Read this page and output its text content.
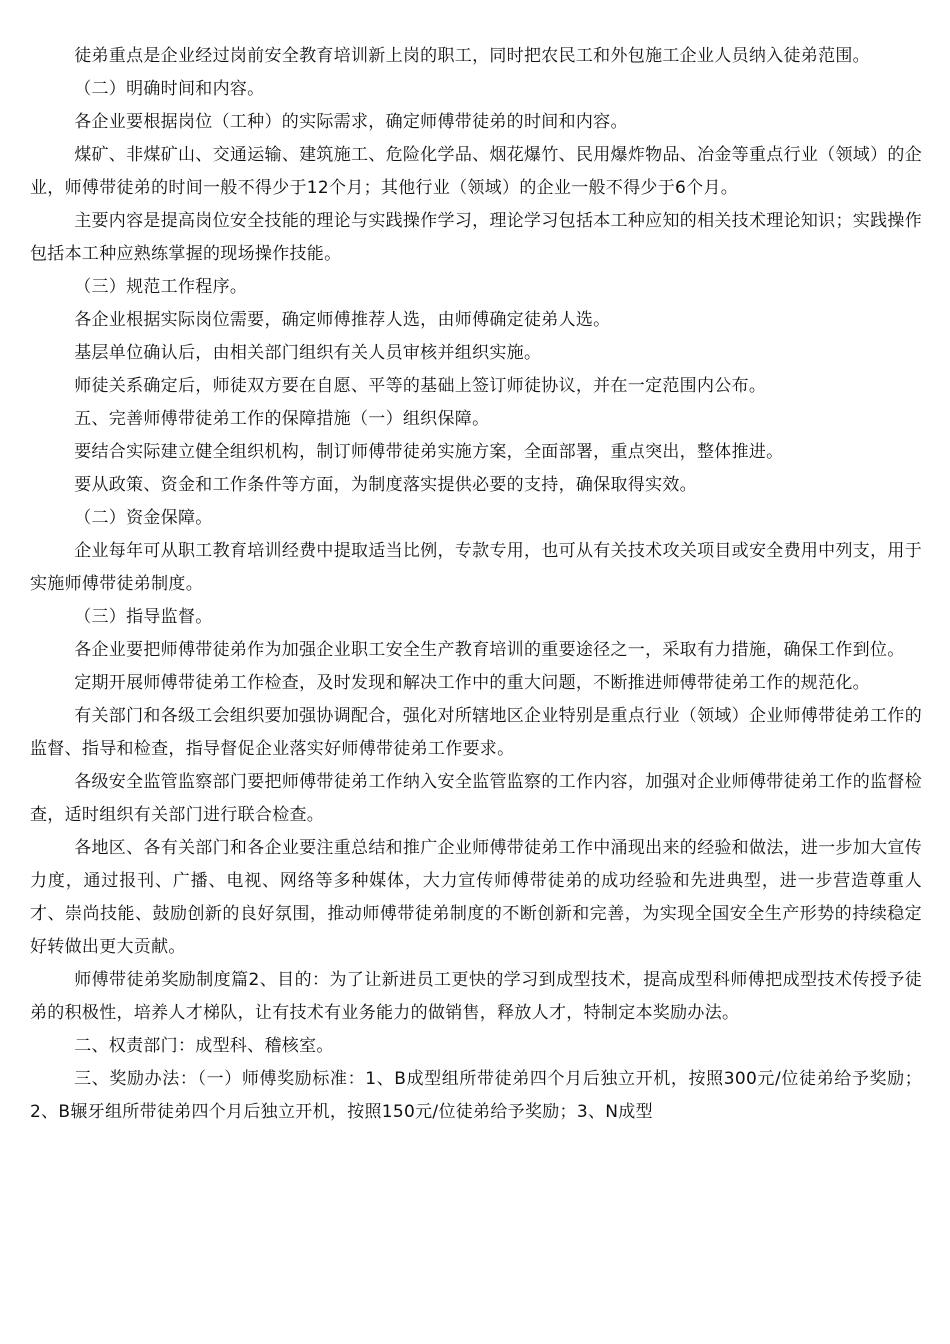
徒弟重点是企业经过岗前安全教育培训新上岗的职工，同时把农民工和外包施工企业人员纳入徒弟范围。

（二）明确时间和内容。

各企业要根据岗位（工种）的实际需求，确定师傅带徒弟的时间和内容。

煤矿、非煤矿山、交通运输、建筑施工、危险化学品、烟花爆竹、民用爆炸物品、冶金等重点行业（领域）的企业，师傅带徒弟的时间一般不得少于12个月；其他行业（领域）的企业一般不得少于6个月。

主要内容是提高岗位安全技能的理论与实践操作学习，理论学习包括本工种应知的相关技术理论知识；实践操作包括本工种应熟练掌握的现场操作技能。

（三）规范工作程序。

各企业根据实际岗位需要，确定师傅推荐人选，由师傅确定徒弟人选。

基层单位确认后，由相关部门组织有关人员审核并组织实施。

师徒关系确定后，师徒双方要在自愿、平等的基础上签订师徒协议，并在一定范围内公布。

五、完善师傅带徒弟工作的保障措施（一）组织保障。

要结合实际建立健全组织机构，制订师傅带徒弟实施方案，全面部署，重点突出，整体推进。

要从政策、资金和工作条件等方面，为制度落实提供必要的支持，确保取得实效。

（二）资金保障。

企业每年可从职工教育培训经费中提取适当比例，专款专用，也可从有关技术攻关项目或安全费用中列支，用于实施师傅带徒弟制度。

（三）指导监督。

各企业要把师傅带徒弟作为加强企业职工安全生产教育培训的重要途径之一，采取有力措施，确保工作到位。

定期开展师傅带徒弟工作检查，及时发现和解决工作中的重大问题，不断推进师傅带徒弟工作的规范化。

有关部门和各级工会组织要加强协调配合，强化对所辖地区企业特别是重点行业（领域）企业师傅带徒弟工作的监督、指导和检查，指导督促企业落实好师傅带徒弟工作要求。

各级安全监管监察部门要把师傅带徒弟工作纳入安全监管监察的工作内容，加强对企业师傅带徒弟工作的监督检查，适时组织有关部门进行联合检查。

各地区、各有关部门和各企业要注重总结和推广企业师傅带徒弟工作中涌现出来的经验和做法，进一步加大宣传力度，通过报刊、广播、电视、网络等多种媒体，大力宣传师傅带徒弟的成功经验和先进典型，进一步营造尊重人才、崇尚技能、鼓励创新的良好氛围，推动师傅带徒弟制度的不断创新和完善，为实现全国安全生产形势的持续稳定好转做出更大贡献。

师傅带徒弟奖励制度篇2、目的：为了让新进员工更快的学习到成型技术，提高成型科师傅把成型技术传授予徒弟的积极性，培养人才梯队，让有技术有业务能力的做销售，释放人才，特制定本奖励办法。

二、权责部门：成型科、稽核室。

三、奖励办法：（一）师傅奖励标准：1、B成型组所带徒弟四个月后独立开机，按照300元/位徒弟给予奖励；2、B辗牙组所带徒弟四个月后独立开机，按照150元/位徒弟给予奖励；3、N成型
